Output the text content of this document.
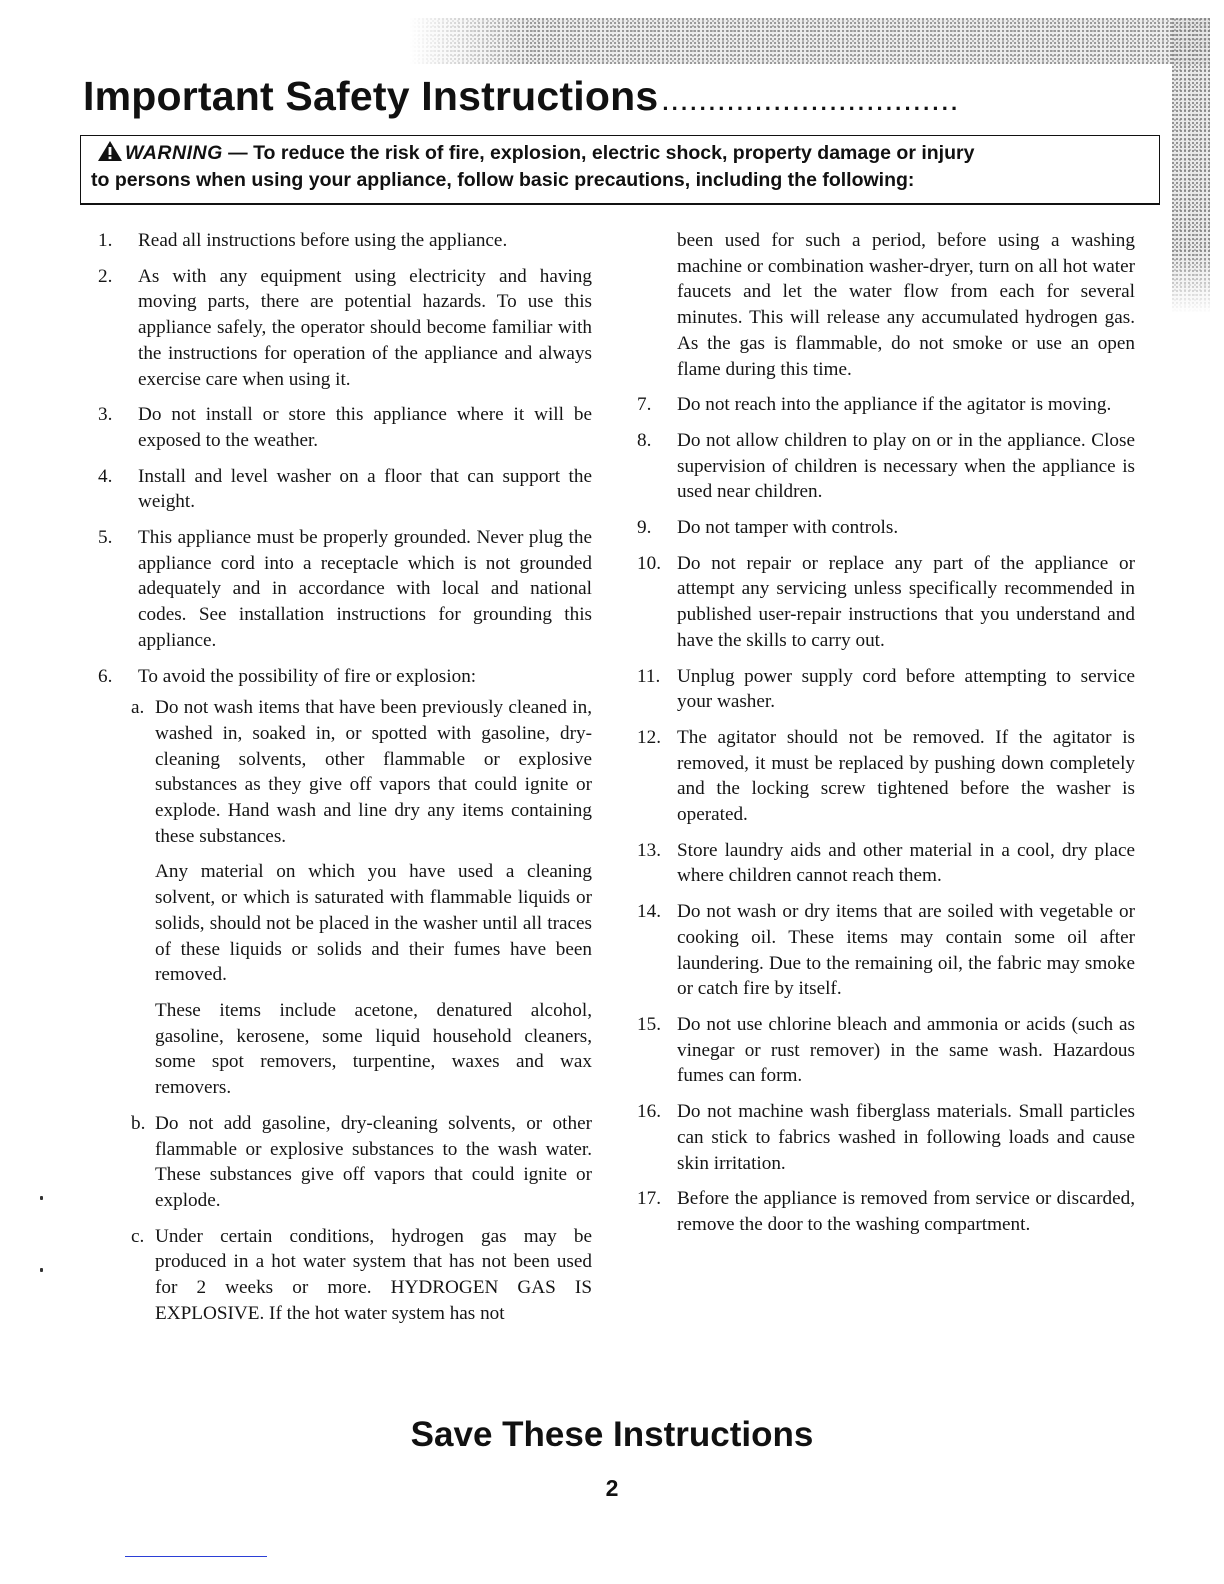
Important Safety Instructions ................................
WARNING — To reduce the risk of fire, explosion, electric shock, property damage or injury
to persons when using your appliance, follow basic precautions, including the following:
1.	Read all instructions before using the appliance.
2.	As with any equipment using electricity and having moving parts, there are potential hazards. To use this appliance safely, the operator should become familiar with the instructions for operation of the appliance and always exercise care when using it.
3.	Do not install or store this appliance where it will be exposed to the weather.
4.	Install and level washer on a floor that can support the weight.
5.	This appliance must be properly grounded. Never plug the appliance cord into a receptacle which is not grounded adequately and in accordance with local and national codes. See installation instructions for grounding this appliance.
6.	To avoid the possibility of fire or explosion:
a. Do not wash items that have been previously cleaned in, washed in, soaked in, or spotted with gasoline, dry-cleaning solvents, other flammable or explosive substances as they give off vapors that could ignite or explode. Hand wash and line dry any items containing these substances.
Any material on which you have used a cleaning solvent, or which is saturated with flammable liquids or solids, should not be placed in the washer until all traces of these liquids or solids and their fumes have been removed.
These items include acetone, denatured alcohol, gasoline, kerosene, some liquid household cleaners, some spot removers, turpentine, waxes and wax removers.
b. Do not add gasoline, dry-cleaning solvents, or other flammable or explosive substances to the wash water. These substances give off vapors that could ignite or explode.
c. Under certain conditions, hydrogen gas may be produced in a hot water system that has not been used for 2 weeks or more. HYDROGEN GAS IS EXPLOSIVE. If the hot water system has not
been used for such a period, before using a washing machine or combination washer-dryer, turn on all hot water faucets and let the water flow from each for several minutes. This will release any accumulated hydrogen gas. As the gas is flammable, do not smoke or use an open flame during this time.
7.	Do not reach into the appliance if the agitator is moving.
8.	Do not allow children to play on or in the appliance. Close supervision of children is necessary when the appliance is used near children.
9.	Do not tamper with controls.
10. Do not repair or replace any part of the appliance or attempt any servicing unless specifically recommended in published user-repair instructions that you understand and have the skills to carry out.
11. Unplug power supply cord before attempting to service your washer.
12. The agitator should not be removed. If the agitator is removed, it must be replaced by pushing down completely and the locking screw tightened before the washer is operated.
13. Store laundry aids and other material in a cool, dry place where children cannot reach them.
14. Do not wash or dry items that are soiled with vegetable or cooking oil. These items may contain some oil after laundering. Due to the remaining oil, the fabric may smoke or catch fire by itself.
15. Do not use chlorine bleach and ammonia or acids (such as vinegar or rust remover) in the same wash. Hazardous fumes can form.
16. Do not machine wash fiberglass materials. Small particles can stick to fabrics washed in following loads and cause skin irritation.
17. Before the appliance is removed from service or discarded, remove the door to the washing compartment.
Save These Instructions
2
